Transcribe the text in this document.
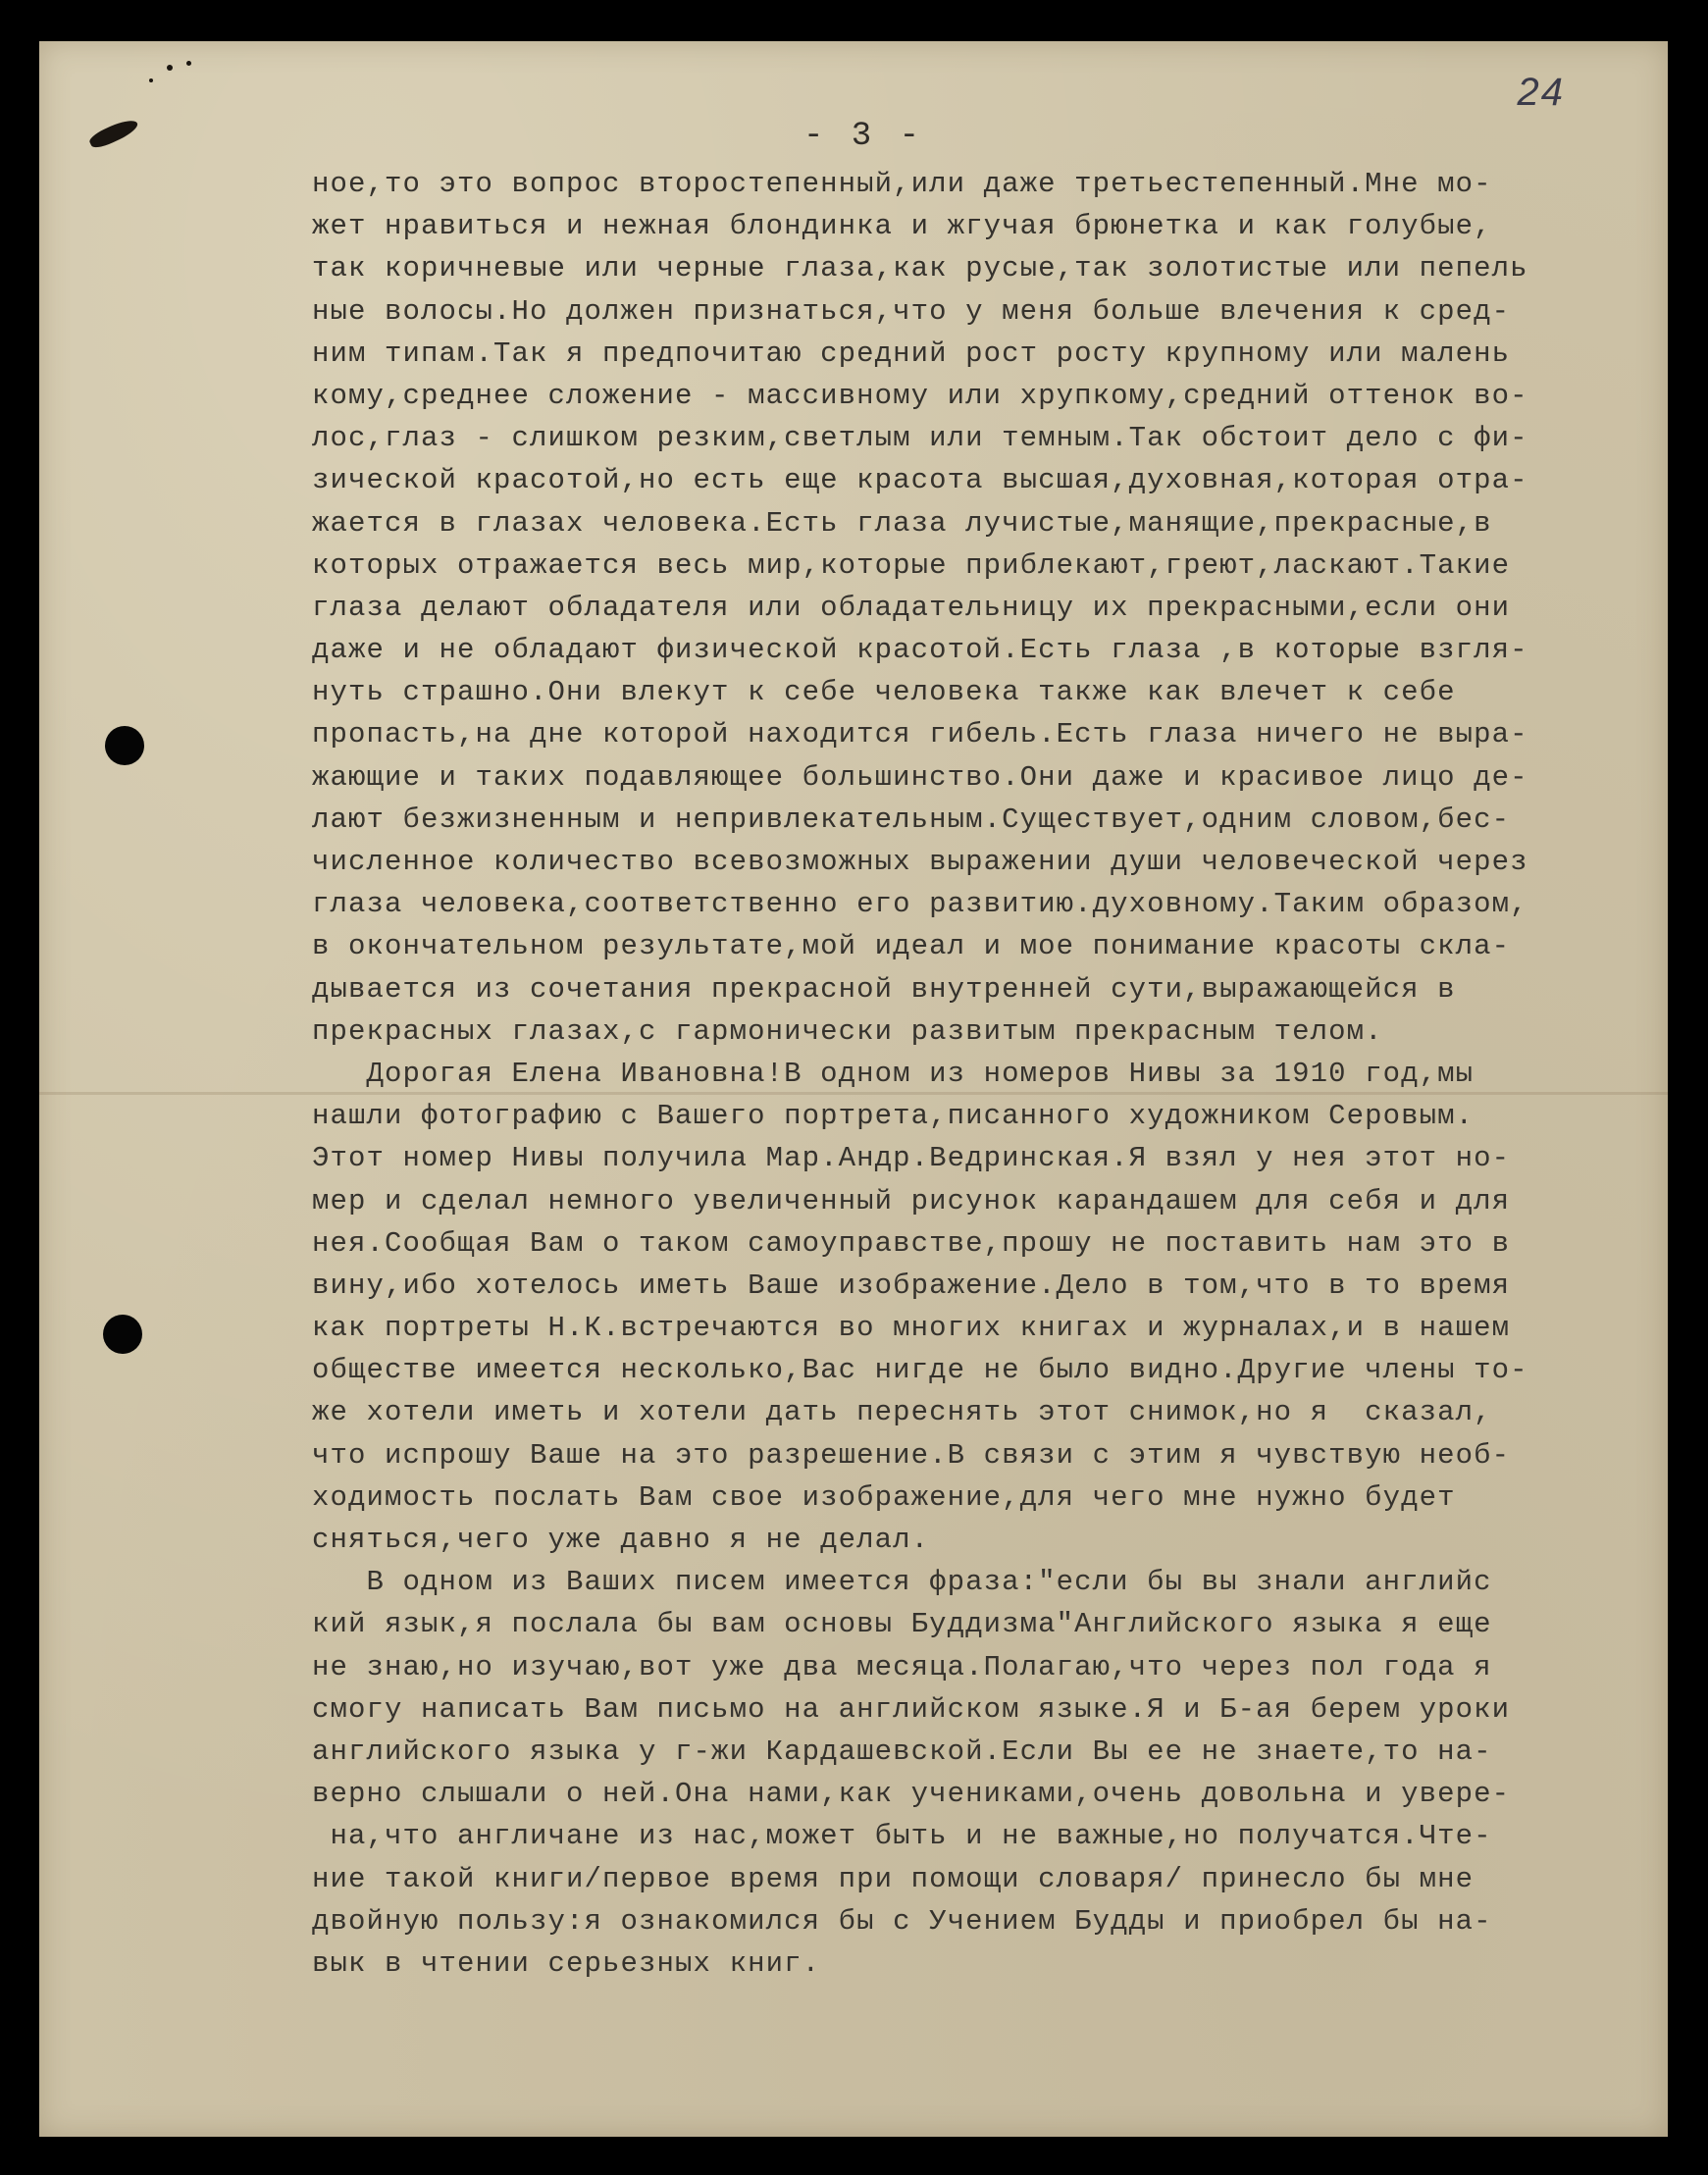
24
- 3 -
ное,то это вопрос второстепенный,или даже третьестепенный.Мне мо-
жет нравиться и нежная блондинка и жгучая брюнетка и как голубые,
так коричневые или черные глаза,как русые,так золотистые или пепель
ные волосы.Но должен признаться,что у меня больше влечения к сред-
ним типам.Так я предпочитаю средний рост росту крупному или малень
кому,среднее сложение - массивному или хрупкому,средний оттенок во-
лос,глаз - слишком резким,светлым или темным.Так обстоит дело с фи-
зической красотой,но есть еще красота высшая,духовная,которая отра-
жается в глазах человека.Есть глаза лучистые,манящие,прекрасные,в
которых отражается весь мир,которые приблекают,греют,ласкают.Такие
глаза делают обладателя или обладательницу их прекрасными,если они
даже и не обладают физической красотой.Есть глаза ,в которые взгля-
нуть страшно.Они влекут к себе человека также как влечет к себе
пропасть,на дне которой находится гибель.Есть глаза ничего не выра-
жающие и таких подавляющее большинство.Они даже и красивое лицо де-
лают безжизненным и непривлекательным.Существует,одним словом,бес-
численное количество всевозможных выражении души человеческой через
глаза человека,соответственно его развитию.духовному.Таким образом,
в окончательном результате,мой идеал и мое понимание красоты скла-
дывается из сочетания прекрасной внутренней сути,выражающейся в
прекрасных глазах,с гармонически развитым прекрасным телом.
Дорогая Елена Ивановна!В одном из номеров Нивы за 1910 год,мы
нашли фотографию с Вашего портрета,писанного художником Серовым.
Этот номер Нивы получила Мар.Андр.Ведринская.Я взял у нея этот но-
мер и сделал немного увеличенный рисунок карандашем для себя и для
нея.Сообщая Вам о таком самоуправстве,прошу не поставить нам это в
вину,ибо хотелось иметь Ваше изображение.Дело в том,что в то время
как портреты Н.К.встречаются во многих книгах и журналах,и в нашем
обществе имеется несколько,Вас нигде не было видно.Другие члены то-
же хотели иметь и хотели дать переснять этот снимок,но я  сказал,
что испрошу Ваше на это разрешение.В связи с этим я чувствую необ-
ходимость послать Вам свое изображение,для чего мне нужно будет
сняться,чего уже давно я не делал.
В одном из Ваших писем имеется фраза:"если бы вы знали английс
кий язык,я послала бы вам основы Буддизма"Английского языка я еще
не знаю,но изучаю,вот уже два месяца.Полагаю,что через пол года я
смогу написать Вам письмо на английском языке.Я и Б-ая берем уроки
английского языка у г-жи Кардашевской.Если Вы ее не знаете,то на-
верно слышали о ней.Она нами,как учениками,очень довольна и увере-
на,что англичане из нас,может быть и не важные,но получатся.Чте-
ние такой книги/первое время при помощи словаря/ принесло бы мне
двойную пользу:я ознакомился бы с Учением Будды и приобрел бы на-
вык в чтении серьезных книг.
